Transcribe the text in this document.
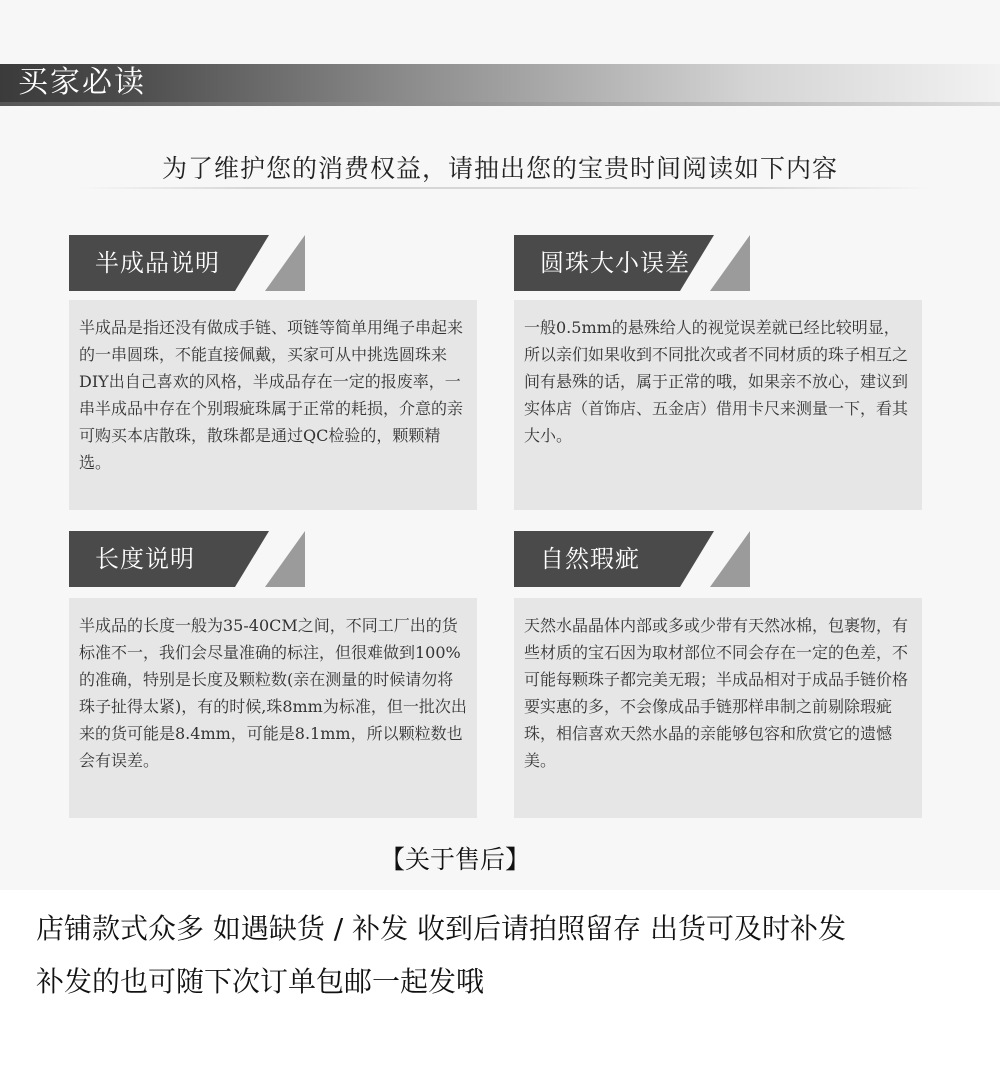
买家必读
为了维护您的消费权益，请抽出您的宝贵时间阅读如下内容
半成品说明
半成品是指还没有做成手链、项链等简单用绳子串起来的一串圆珠，不能直接佩戴，买家可从中挑选圆珠来DIY出自己喜欢的风格，半成品存在一定的报废率，一串半成品中存在个别瑕疵珠属于正常的耗损，介意的亲可购买本店散珠，散珠都是通过QC检验的，颗颗精选。
圆珠大小误差
一般0.5mm的悬殊给人的视觉误差就已经比较明显，所以亲们如果收到不同批次或者不同材质的珠子相互之间有悬殊的话，属于正常的哦，如果亲不放心，建议到实体店（首饰店、五金店）借用卡尺来测量一下，看其大小。
长度说明
半成品的长度一般为35-40CM之间，不同工厂出的货标准不一，我们会尽量准确的标注，但很难做到100%的准确，特别是长度及颗粒数(亲在测量的时候请勿将珠子扯得太紧)，有的时候,珠8mm为标准，但一批次出来的货可能是8.4mm，可能是8.1mm，所以颗粒数也会有误差。
自然瑕疵
天然水晶晶体内部或多或少带有天然冰棉，包裹物，有些材质的宝石因为取材部位不同会存在一定的色差，不可能每颗珠子都完美无瑕；半成品相对于成品手链价格要实惠的多，不会像成品手链那样串制之前剔除瑕疵珠，相信喜欢天然水晶的亲能够包容和欣赏它的遗憾美。
【关于售后】
店铺款式众多 如遇缺货 / 补发 收到后请拍照留存 出货可及时补发
补发的也可随下次订单包邮一起发哦
